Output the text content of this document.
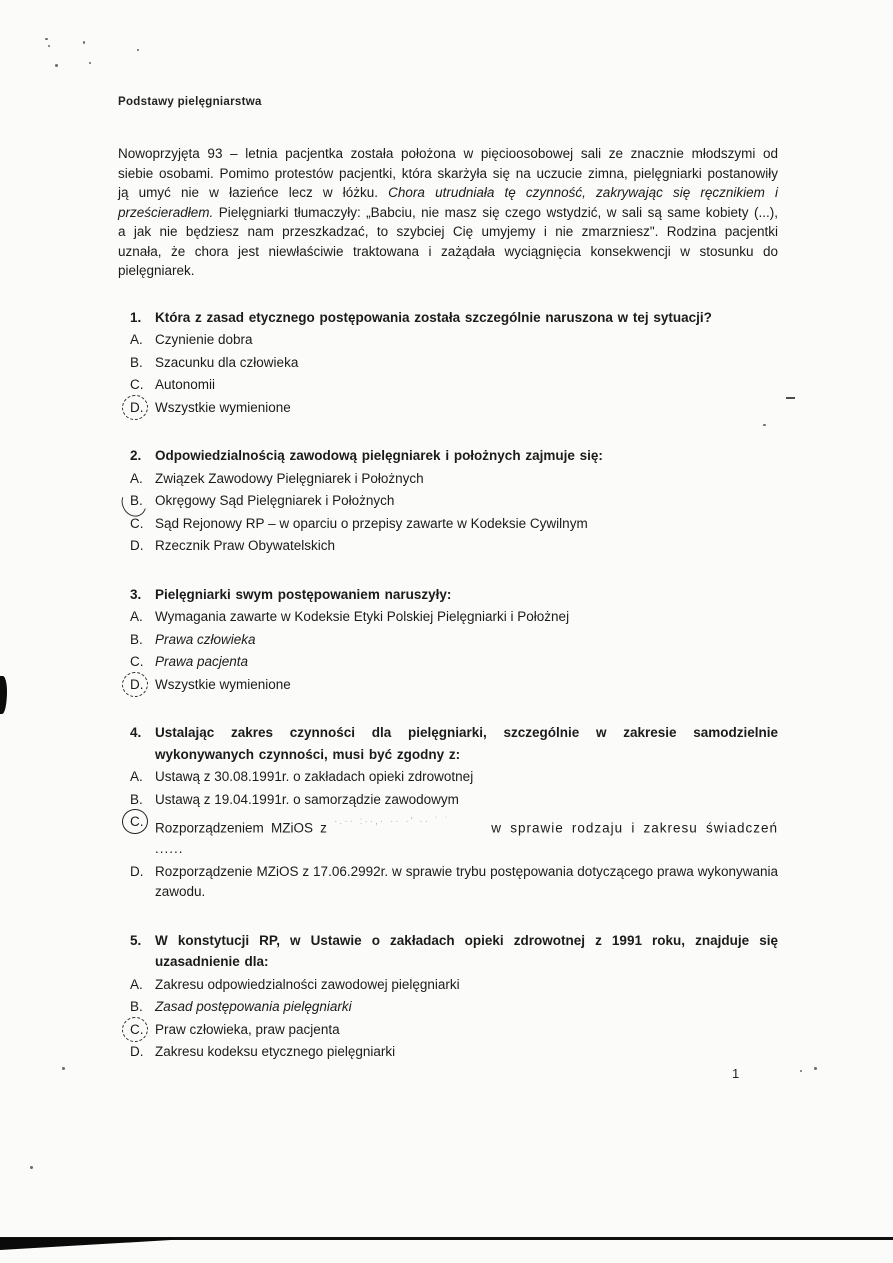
Podstawy pielęgniarstwa

Nowoprzyjęta 93 – letnia pacjentka została położona w pięcioosobowej sali ze znacznie młodszymi od siebie osobami. Pomimo protestów pacjentki, która skarżyła się na uczucie zimna, pielęgniarki postanowiły ją umyć nie w łazieńce lecz w łóżku. Chora utrudniała tę czynność, zakrywając się ręcznikiem i prześcieradłem. Pielęgniarki tłumaczyły: „Babciu, nie masz się czego wstydzić, w sali są same kobiety (...), a jak nie będziesz nam przeszkadzać, to szybciej Cię umyjemy i nie zmarzniesz". Rodzina pacjentki uznała, że chora jest niewłaściwie traktowana i zażądała wyciągnięcia konsekwencji w stosunku do pielęgniarek.

1.	Która z zasad etycznego postępowania została szczególnie naruszona w tej sytuacji?
A. Czynienie dobra
B. Szacunku dla człowieka
C. Autonomii
D. Wszystkie wymienione
2.	Odpowiedzialnością zawodową pielęgniarek i położnych zajmuje się:
A. Związek Zawodowy Pielęgniarek i Położnych
B. Okręgowy Sąd Pielęgniarek i Położnych
C. Sąd Rejonowy RP – w oparciu o przepisy zawarte w Kodeksie Cywilnym
D. Rzecznik Praw Obywatelskich
3.	Pielęgniarki swym postępowaniem naruszyły:
A. Wymagania zawarte w Kodeksie Etyki Polskiej Pielęgniarki i Położnej
B. Prawa człowieka
C. Prawa pacjenta
D. Wszystkie wymienione
4.	Ustalając zakres czynności dla pielęgniarki, szczególnie w zakresie samodzielnie wykonywanych czynności, musi być zgodny z:
A. Ustawą z 30.08.1991r. o zakładach opieki zdrowotnej
B. Ustawą z 19.04.1991r. o samorządzie zawodowym
C. Rozporządzeniem MZiOS z ·.·· :··,· ·· ·' ·· ˙ ˙	w sprawie rodzaju i zakresu świadczeń ......
D. Rozporządzenie MZiOS z 17.06.2992r. w sprawie trybu postępowania dotyczącego prawa wykonywania zawodu.
5.	W konstytucji RP, w Ustawie o zakładach opieki zdrowotnej z 1991 roku, znajduje się uzasadnienie dla:
A. Zakresu odpowiedzialności zawodowej pielęgniarki
B. Zasad postępowania pielęgniarki
C. Praw człowieka, praw pacjenta
D. Zakresu kodeksu etycznego pielęgniarki
1
